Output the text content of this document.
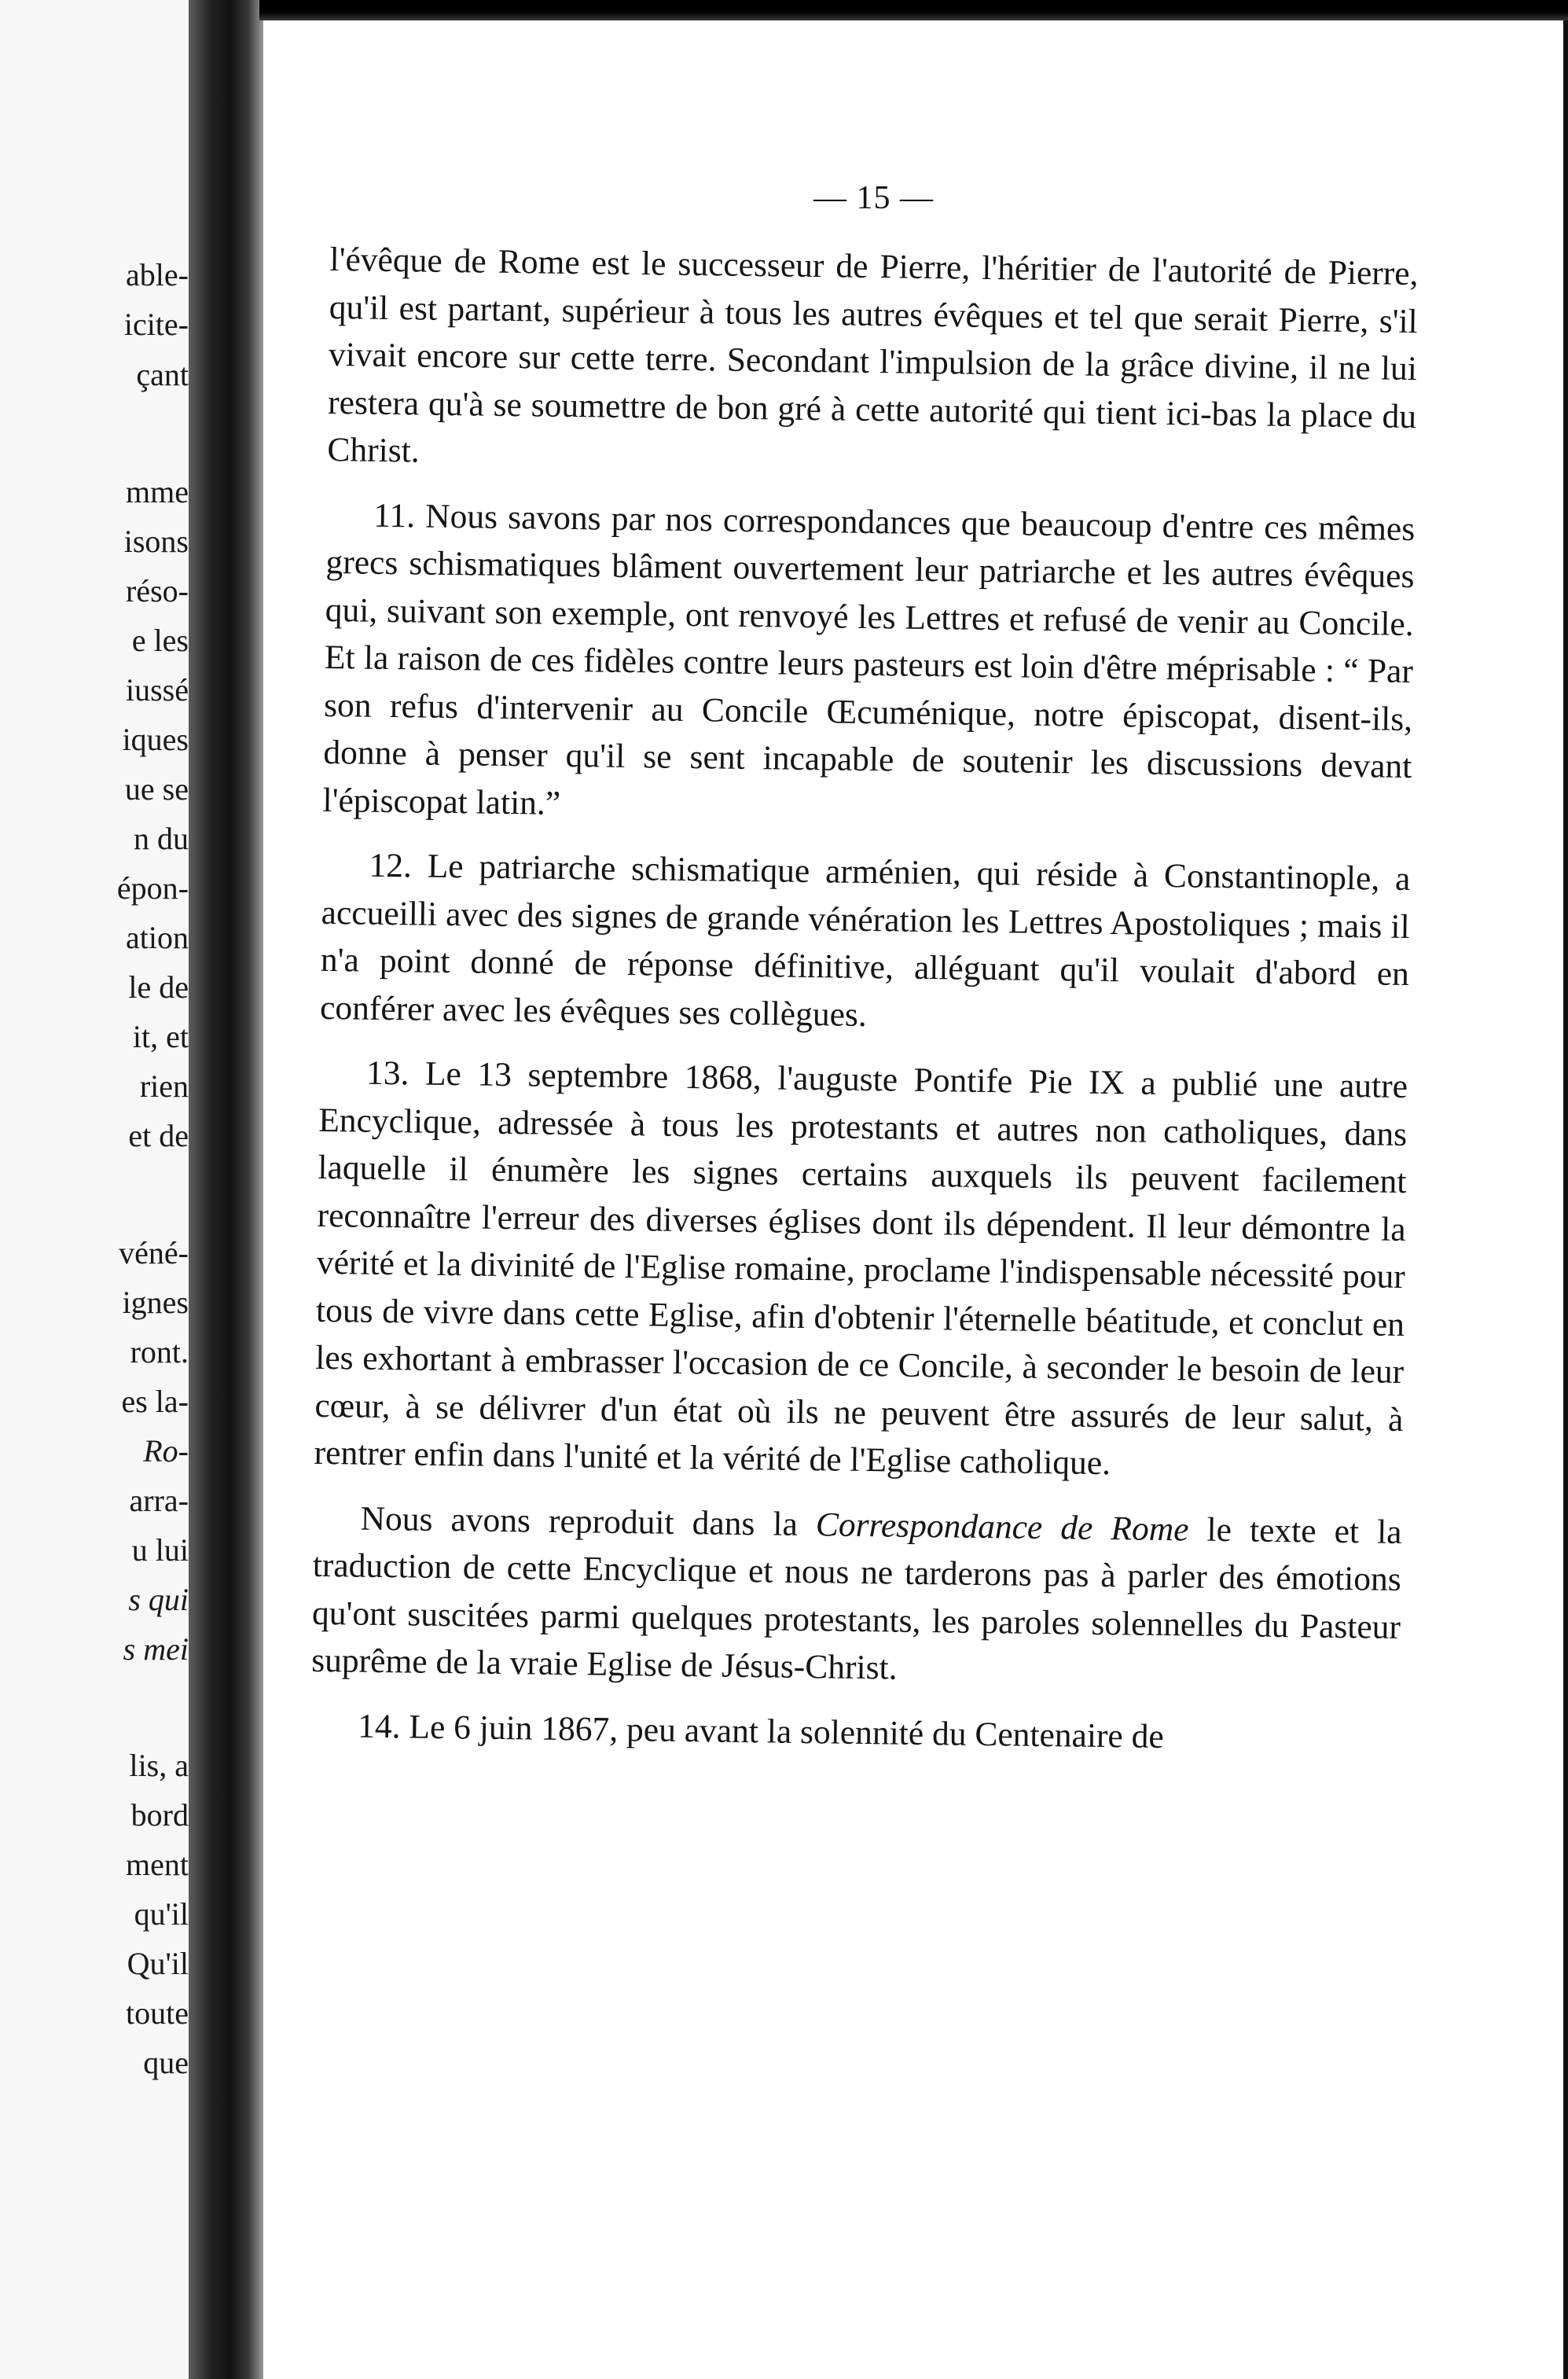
able-
icite-
çant
mme
isons
réso-
e les
iussé
iques
ue se
n du
épon-
ation
le de
it, et
rien
et de
véné-
ignes
ront.
es la-
Ro-
arra-
u lui
s qui
s mei
lis, a
bord
ment
qu'il
Qu'il
toute
que
— 15 —

l'évêque de Rome est le successeur de Pierre, l'héritier de l'autorité de Pierre, qu'il est partant, supérieur à tous les autres évêques et tel que serait Pierre, s'il vivait encore sur cette terre. Secondant l'impulsion de la grâce divine, il ne lui restera qu'à se soumettre de bon gré à cette autorité qui tient ici-bas la place du Christ.

11. Nous savons par nos correspondances que beaucoup d'entre ces mêmes grecs schismatiques blâment ouvertement leur patriarche et les autres évêques qui, suivant son exemple, ont renvoyé les Lettres et refusé de venir au Concile. Et la raison de ces fidèles contre leurs pasteurs est loin d'être méprisable : “ Par son refus d'intervenir au Concile Œcuménique, notre épiscopat, disent-ils, donne à penser qu'il se sent incapable de soutenir les discussions devant l'épiscopat latin.”

12. Le patriarche schismatique arménien, qui réside à Constantinople, a accueilli avec des signes de grande vénération les Lettres Apostoliques ; mais il n'a point donné de réponse définitive, alléguant qu'il voulait d'abord en conférer avec les évêques ses collègues.

13. Le 13 septembre 1868, l'auguste Pontife Pie IX a publié une autre Encyclique, adressée à tous les protestants et autres non catholiques, dans laquelle il énumère les signes certains auxquels ils peuvent facilement reconnaître l'erreur des diverses églises dont ils dépendent. Il leur démontre la vérité et la divinité de l'Eglise romaine, proclame l'indispensable nécessité pour tous de vivre dans cette Eglise, afin d'obtenir l'éternelle béatitude, et conclut en les exhortant à embrasser l'occasion de ce Concile, à seconder le besoin de leur cœur, à se délivrer d'un état où ils ne peuvent être assurés de leur salut, à rentrer enfin dans l'unité et la vérité de l'Eglise catholique.

Nous avons reproduit dans la Correspondance de Rome le texte et la traduction de cette Encyclique et nous ne tarderons pas à parler des émotions qu'ont suscitées parmi quelques protestants, les paroles solennelles du Pasteur suprême de la vraie Eglise de Jésus-Christ.

14. Le 6 juin 1867, peu avant la solennité du Centenaire de
